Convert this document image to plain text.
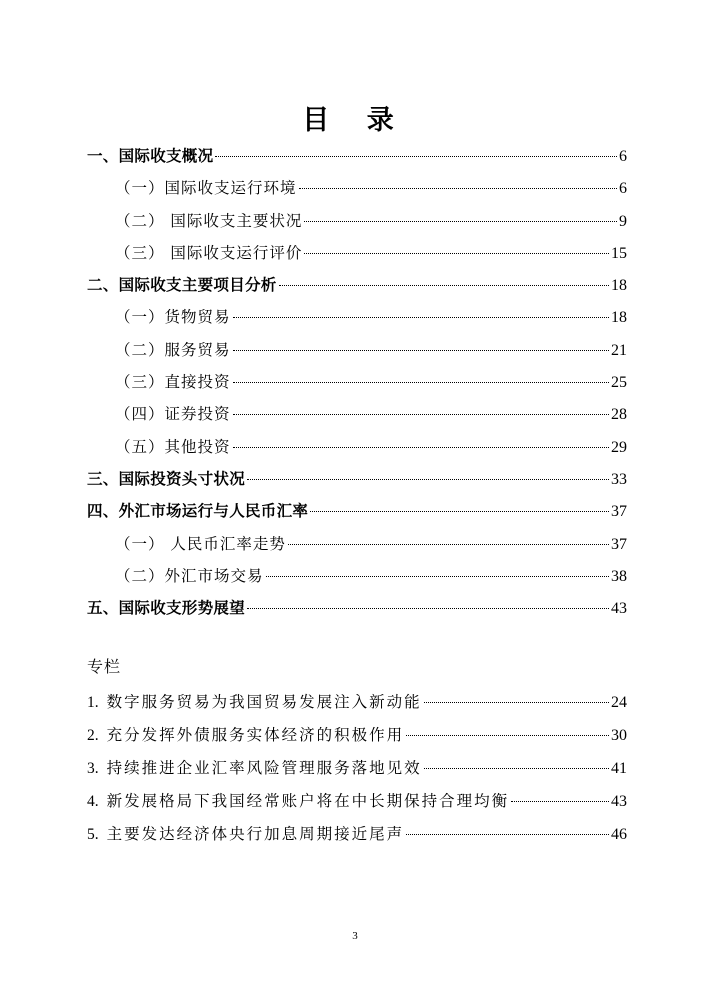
目 录
一、国际收支概况	6
（一）国际收支运行环境	6
（二） 国际收支主要状况	9
（三） 国际收支运行评价	15
二、国际收支主要项目分析	18
（一）货物贸易	18
（二）服务贸易	21
（三）直接投资	25
（四）证券投资	28
（五）其他投资	29
三、国际投资头寸状况	33
四、外汇市场运行与人民币汇率	37
（一） 人民币汇率走势	37
（二）外汇市场交易	38
五、国际收支形势展望	43
专栏
1. 数字服务贸易为我国贸易发展注入新动能	24
2. 充分发挥外债服务实体经济的积极作用	30
3. 持续推进企业汇率风险管理服务落地见效	41
4. 新发展格局下我国经常账户将在中长期保持合理均衡	43
5. 主要发达经济体央行加息周期接近尾声	46
3
